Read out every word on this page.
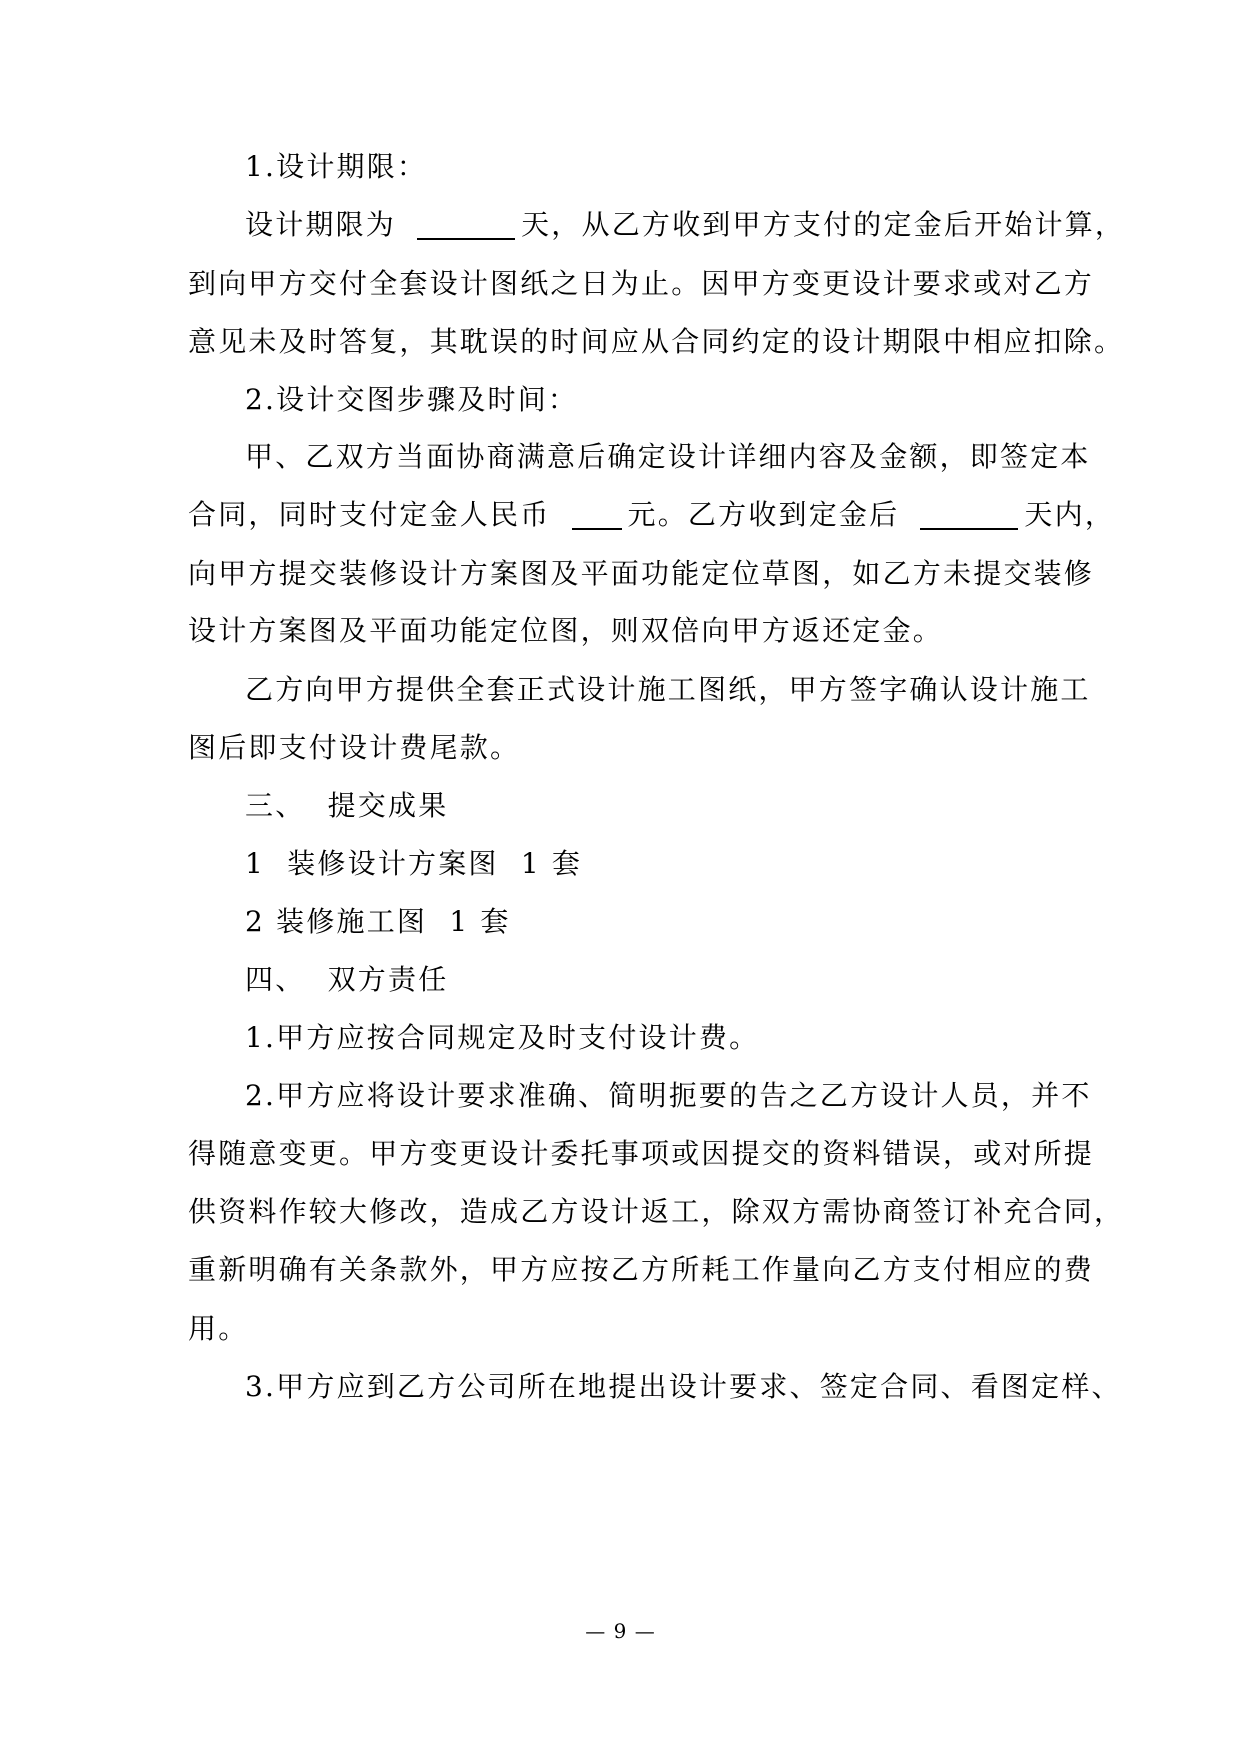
1.设计期限：
设计期限为	天，从乙方收到甲方支付的定金后开始计算，
到向甲方交付全套设计图纸之日为止。因甲方变更设计要求或对乙方
意见未及时答复，其耽误的时间应从合同约定的设计期限中相应扣除。
2.设计交图步骤及时间：
甲、乙双方当面协商满意后确定设计详细内容及金额，即签定本
合同，同时支付定金人民币 元。乙方收到定金后	天内，
向甲方提交装修设计方案图及平面功能定位草图，如乙方未提交装修
设计方案图及平面功能定位图，则双倍向甲方返还定金。
乙方向甲方提供全套正式设计施工图纸，甲方签字确认设计施工
图后即支付设计费尾款。
三、  提交成果
1  装修设计方案图  1 套
2 装修施工图  1 套
四、  双方责任
1.甲方应按合同规定及时支付设计费。
2.甲方应将设计要求准确、简明扼要的告之乙方设计人员，并不
得随意变更。甲方变更设计委托事项或因提交的资料错误，或对所提
供资料作较大修改，造成乙方设计返工，除双方需协商签订补充合同，
重新明确有关条款外，甲方应按乙方所耗工作量向乙方支付相应的费
用。
3.甲方应到乙方公司所在地提出设计要求、签定合同、看图定样、
— 9 —
